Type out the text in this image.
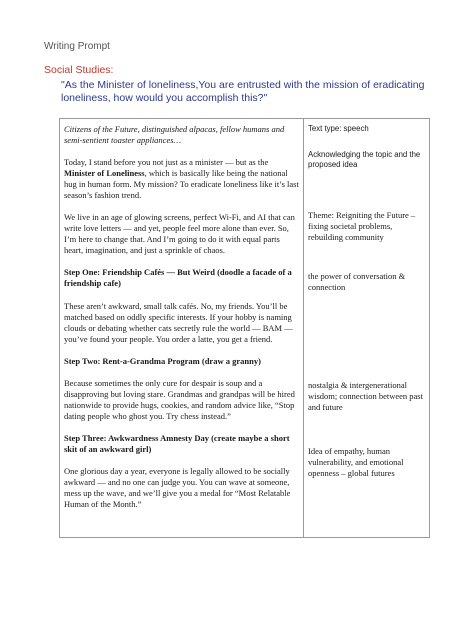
Writing Prompt
Social Studies:
"As the Minister of loneliness,You are entrusted with the mission of eradicating loneliness, how would you accomplish this?"

Citizens of the Future, distinguished alpacas, fellow humans and semi-sentient toaster appliances…

Today, I stand before you not just as a minister — but as the Minister of Loneliness, which is basically like being the national hug in human form. My mission? To eradicate loneliness like it’s last season’s fashion trend.

We live in an age of glowing screens, perfect Wi-Fi, and AI that can write love letters — and yet, people feel more alone than ever. So, I’m here to change that. And I’m going to do it with equal parts heart, imagination, and just a sprinkle of chaos.

Step One: Friendship Cafés — But Weird (doodle a facade of a friendship cafe)

These aren’t awkward, small talk cafés. No, my friends. You’ll be matched based on oddly specific interests. If your hobby is naming clouds or debating whether cats secretly rule the world — BAM — you’ve found your people. You order a latte, you get a friend.

Step Two: Rent-a-Grandma Program (draw a granny)

Because sometimes the only cure for despair is soup and a disapproving but loving stare. Grandmas and grandpas will be hired nationwide to provide hugs, cookies, and random advice like, “Stop dating people who ghost you. Try chess instead.”

Step Three: Awkwardness Amnesty Day (create maybe a short skit of an awkward girl)

One glorious day a year, everyone is legally allowed to be socially awkward — and no one can judge you. You can wave at someone, mess up the wave, and we’ll give you a medal for “Most Relatable Human of the Month.”

Text type: speech

Acknowledging the topic and the proposed idea

Theme: Reigniting the Future – fixing societal problems, rebuilding community

the power of conversation & connection

nostalgia & intergenerational wisdom; connection between past and future

Idea of empathy, human vulnerability, and emotional openness – global futures
